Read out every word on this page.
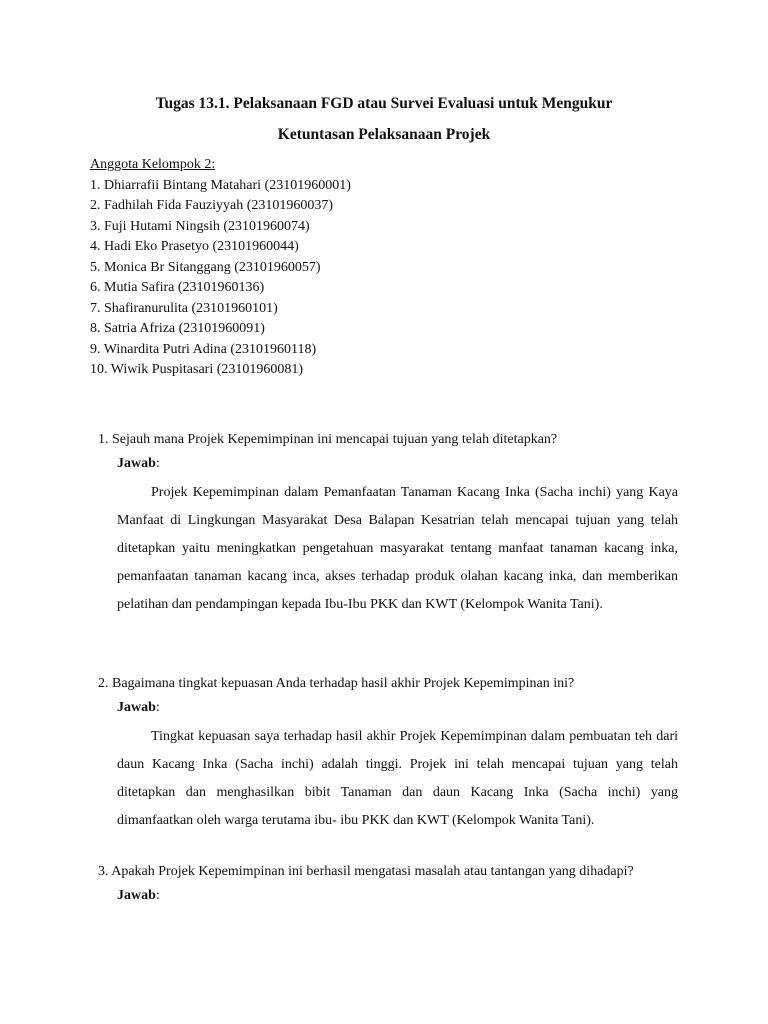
Tugas 13.1. Pelaksanaan FGD atau Survei Evaluasi untuk Mengukur
Ketuntasan Pelaksanaan Projek
Anggota Kelompok 2:
1. Dhiarrafii Bintang Matahari (23101960001)
2. Fadhilah Fida Fauziyyah (23101960037)
3. Fuji Hutami Ningsih (23101960074)
4. Hadi Eko Prasetyo (23101960044)
5. Monica Br Sitanggang (23101960057)
6. Mutia Safira (23101960136)
7. Shafiranurulita (23101960101)
8. Satria Afriza (23101960091)
9. Winardita Putri Adina (23101960118)
10. Wiwik Puspitasari (23101960081)
1. Sejauh mana Projek Kepemimpinan ini mencapai tujuan yang telah ditetapkan?
Jawab:

Projek Kepemimpinan dalam Pemanfaatan Tanaman Kacang Inka (Sacha inchi) yang Kaya Manfaat di Lingkungan Masyarakat Desa Balapan Kesatrian telah mencapai tujuan yang telah ditetapkan yaitu meningkatkan pengetahuan masyarakat tentang manfaat tanaman kacang inka, pemanfaatan tanaman kacang inca, akses terhadap produk olahan kacang inka, dan memberikan pelatihan dan pendampingan kepada Ibu-Ibu PKK dan KWT (Kelompok Wanita Tani).

2. Bagaimana tingkat kepuasan Anda terhadap hasil akhir Projek Kepemimpinan ini?
Jawab:

Tingkat kepuasan saya terhadap hasil akhir Projek Kepemimpinan dalam pembuatan teh dari daun Kacang Inka (Sacha inchi) adalah tinggi. Projek ini telah mencapai tujuan yang telah ditetapkan dan menghasilkan bibit Tanaman dan daun Kacang Inka (Sacha inchi) yang dimanfaatkan oleh warga terutama ibu- ibu PKK dan KWT (Kelompok Wanita Tani).

3. Apakah Projek Kepemimpinan ini berhasil mengatasi masalah atau tantangan yang dihadapi?
Jawab:
